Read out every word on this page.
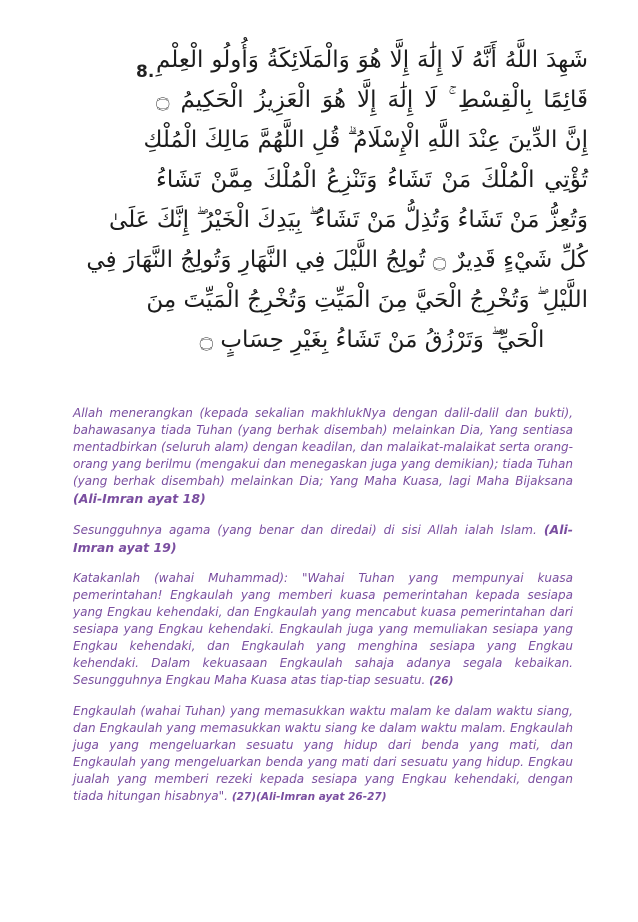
8. شَهِدَ اللَّهُ أَنَّهُ لَا إِلَٰهَ إِلَّا هُوَ وَالْمَلَائِكَةُ وَأُولُو الْعِلْمِ
قَائِمًا بِالْقِسْطِ ۚ لَا إِلَٰهَ إِلَّا هُوَ الْعَزِيزُ الْحَكِيمُ ۝
إِنَّ الدِّينَ عِنْدَ اللَّهِ الْإِسْلَامُ ۗ قُلِ اللَّهُمَّ مَالِكَ الْمُلْكِ
تُؤْتِي الْمُلْكَ مَنْ تَشَاءُ وَتَنْزِعُ الْمُلْكَ مِمَّنْ تَشَاءُ
وَتُعِزُّ مَنْ تَشَاءُ وَتُذِلُّ مَنْ تَشَاءُ ۖ بِيَدِكَ الْخَيْرُ ۖ إِنَّكَ عَلَىٰ
كُلِّ شَيْءٍ قَدِيرٌ ۝ تُولِجُ اللَّيْلَ فِي النَّهَارِ وَتُولِجُ النَّهَارَ فِي
اللَّيْلِ ۖ وَتُخْرِجُ الْحَيَّ مِنَ الْمَيِّتِ وَتُخْرِجُ الْمَيِّتَ مِنَ
الْحَيِّ ۖ وَتَرْزُقُ مَنْ تَشَاءُ بِغَيْرِ حِسَابٍ ۝

Allah menerangkan (kepada sekalian makhlukNya dengan dalil-dalil dan bukti), bahawasanya tiada Tuhan (yang berhak disembah) melainkan Dia, Yang sentiasa mentadbirkan (seluruh alam) dengan keadilan, dan malaikat-malaikat serta orang-orang yang berilmu (mengakui dan menegaskan juga yang demikian); tiada Tuhan (yang berhak disembah) melainkan Dia; Yang Maha Kuasa, lagi Maha Bijaksana (Ali-Imran ayat 18)

Sesungguhnya agama (yang benar dan diredai) di sisi Allah ialah Islam. (Ali-Imran ayat 19)

Katakanlah (wahai Muhammad): "Wahai Tuhan yang mempunyai kuasa pemerintahan! Engkaulah yang memberi kuasa pemerintahan kepada sesiapa yang Engkau kehendaki, dan Engkaulah yang mencabut kuasa pemerintahan dari sesiapa yang Engkau kehendaki. Engkaulah juga yang memuliakan sesiapa yang Engkau kehendaki, dan Engkaulah yang menghina sesiapa yang Engkau kehendaki. Dalam kekuasaan Engkaulah sahaja adanya segala kebaikan. Sesungguhnya Engkau Maha Kuasa atas tiap-tiap sesuatu. (26)

Engkaulah (wahai Tuhan) yang memasukkan waktu malam ke dalam waktu siang, dan Engkaulah yang memasukkan waktu siang ke dalam waktu malam. Engkaulah juga yang mengeluarkan sesuatu yang hidup dari benda yang mati, dan Engkaulah yang mengeluarkan benda yang mati dari sesuatu yang hidup. Engkau jualah yang memberi rezeki kepada sesiapa yang Engkau kehendaki, dengan tiada hitungan hisabnya". (27)(Ali-Imran ayat 26-27)
